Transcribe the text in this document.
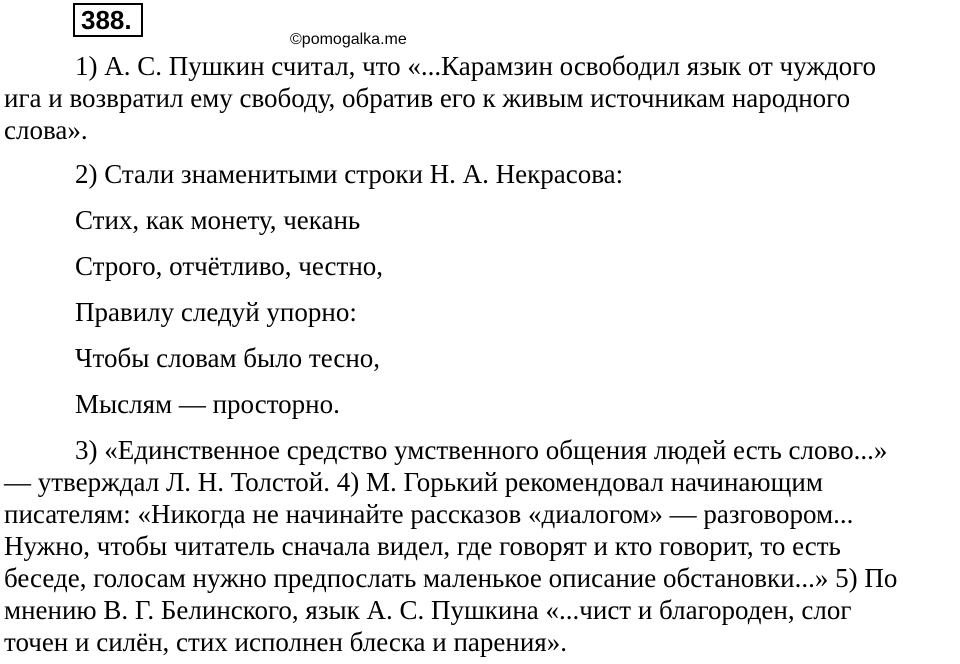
388.
©pomogalka.me
1) А. С. Пушкин считал, что «...Карамзин освободил язык от чуждого
ига и возвратил ему свободу, обратив его к живым источникам народного
слова».
2) Стали знаменитыми строки Н. А. Некрасова:
Стих, как монету, чекань
Строго, отчётливо, честно,
Правилу следуй упорно:
Чтобы словам было тесно,
Мыслям — просторно.
3) «Единственное средство умственного общения людей есть слово...»
— утверждал Л. Н. Толстой. 4) М. Горький рекомендовал начинающим
писателям: «Никогда не начинайте рассказов «диалогом» — разговором...
Нужно, чтобы читатель сначала видел, где говорят и кто говорит, то есть
беседе, голосам нужно предпослать маленькое описание обстановки...» 5) По
мнению В. Г. Белинского, язык А. С. Пушкина «...чист и благороден, слог
точен и силён, стих исполнен блеска и парения».
